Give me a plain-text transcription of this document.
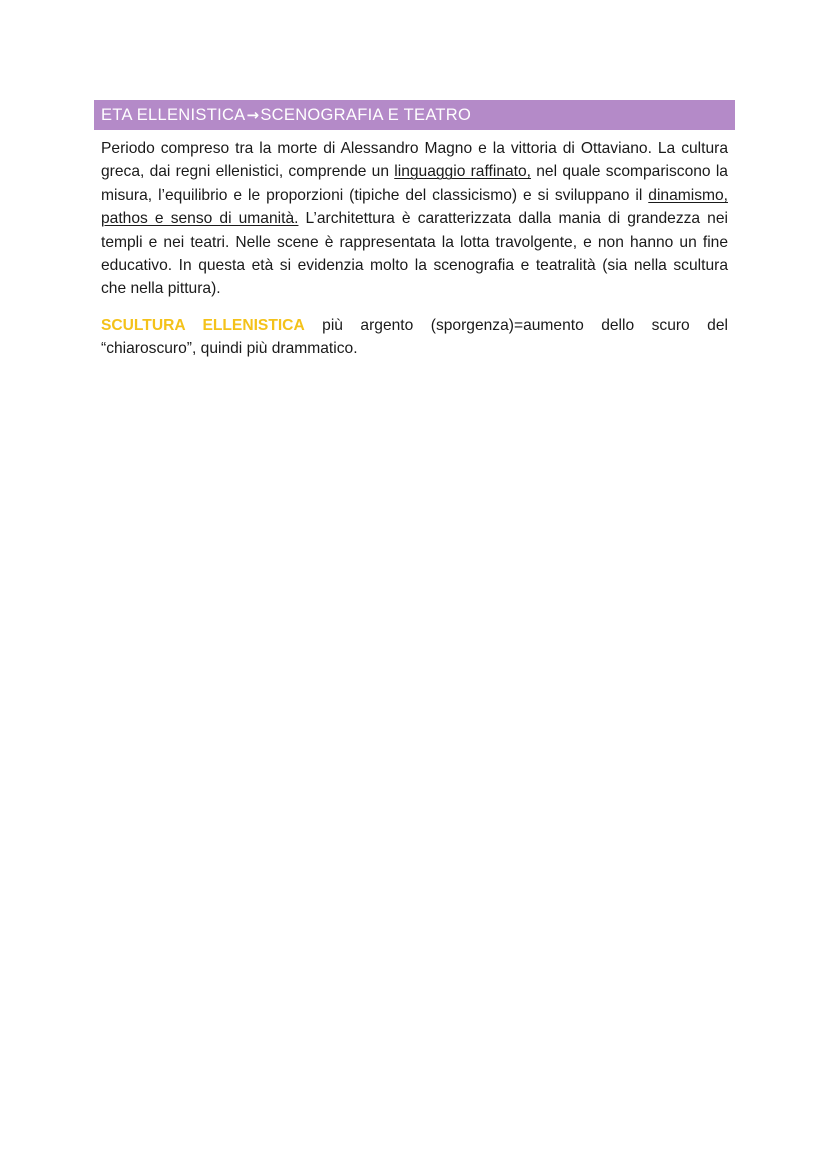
ETA ELLENISTICA→SCENOGRAFIA E TEATRO

Periodo compreso tra la morte di Alessandro Magno e la vittoria di Ottaviano. La cultura greca, dai regni ellenistici, comprende un linguaggio raffinato, nel quale scompariscono la misura, l’equilibrio e le proporzioni (tipiche del classicismo) e si sviluppano il dinamismo, pathos e senso di umanità. L’architettura è caratterizzata dalla mania di grandezza nei templi e nei teatri. Nelle scene è rappresentata la lotta travolgente, e non hanno un fine educativo. In questa età si evidenzia molto la scenografia e teatralità (sia nella scultura che nella pittura).

SCULTURA ELLENISTICA più argento (sporgenza)=aumento dello scuro del “chiaroscuro”, quindi più drammatico.
